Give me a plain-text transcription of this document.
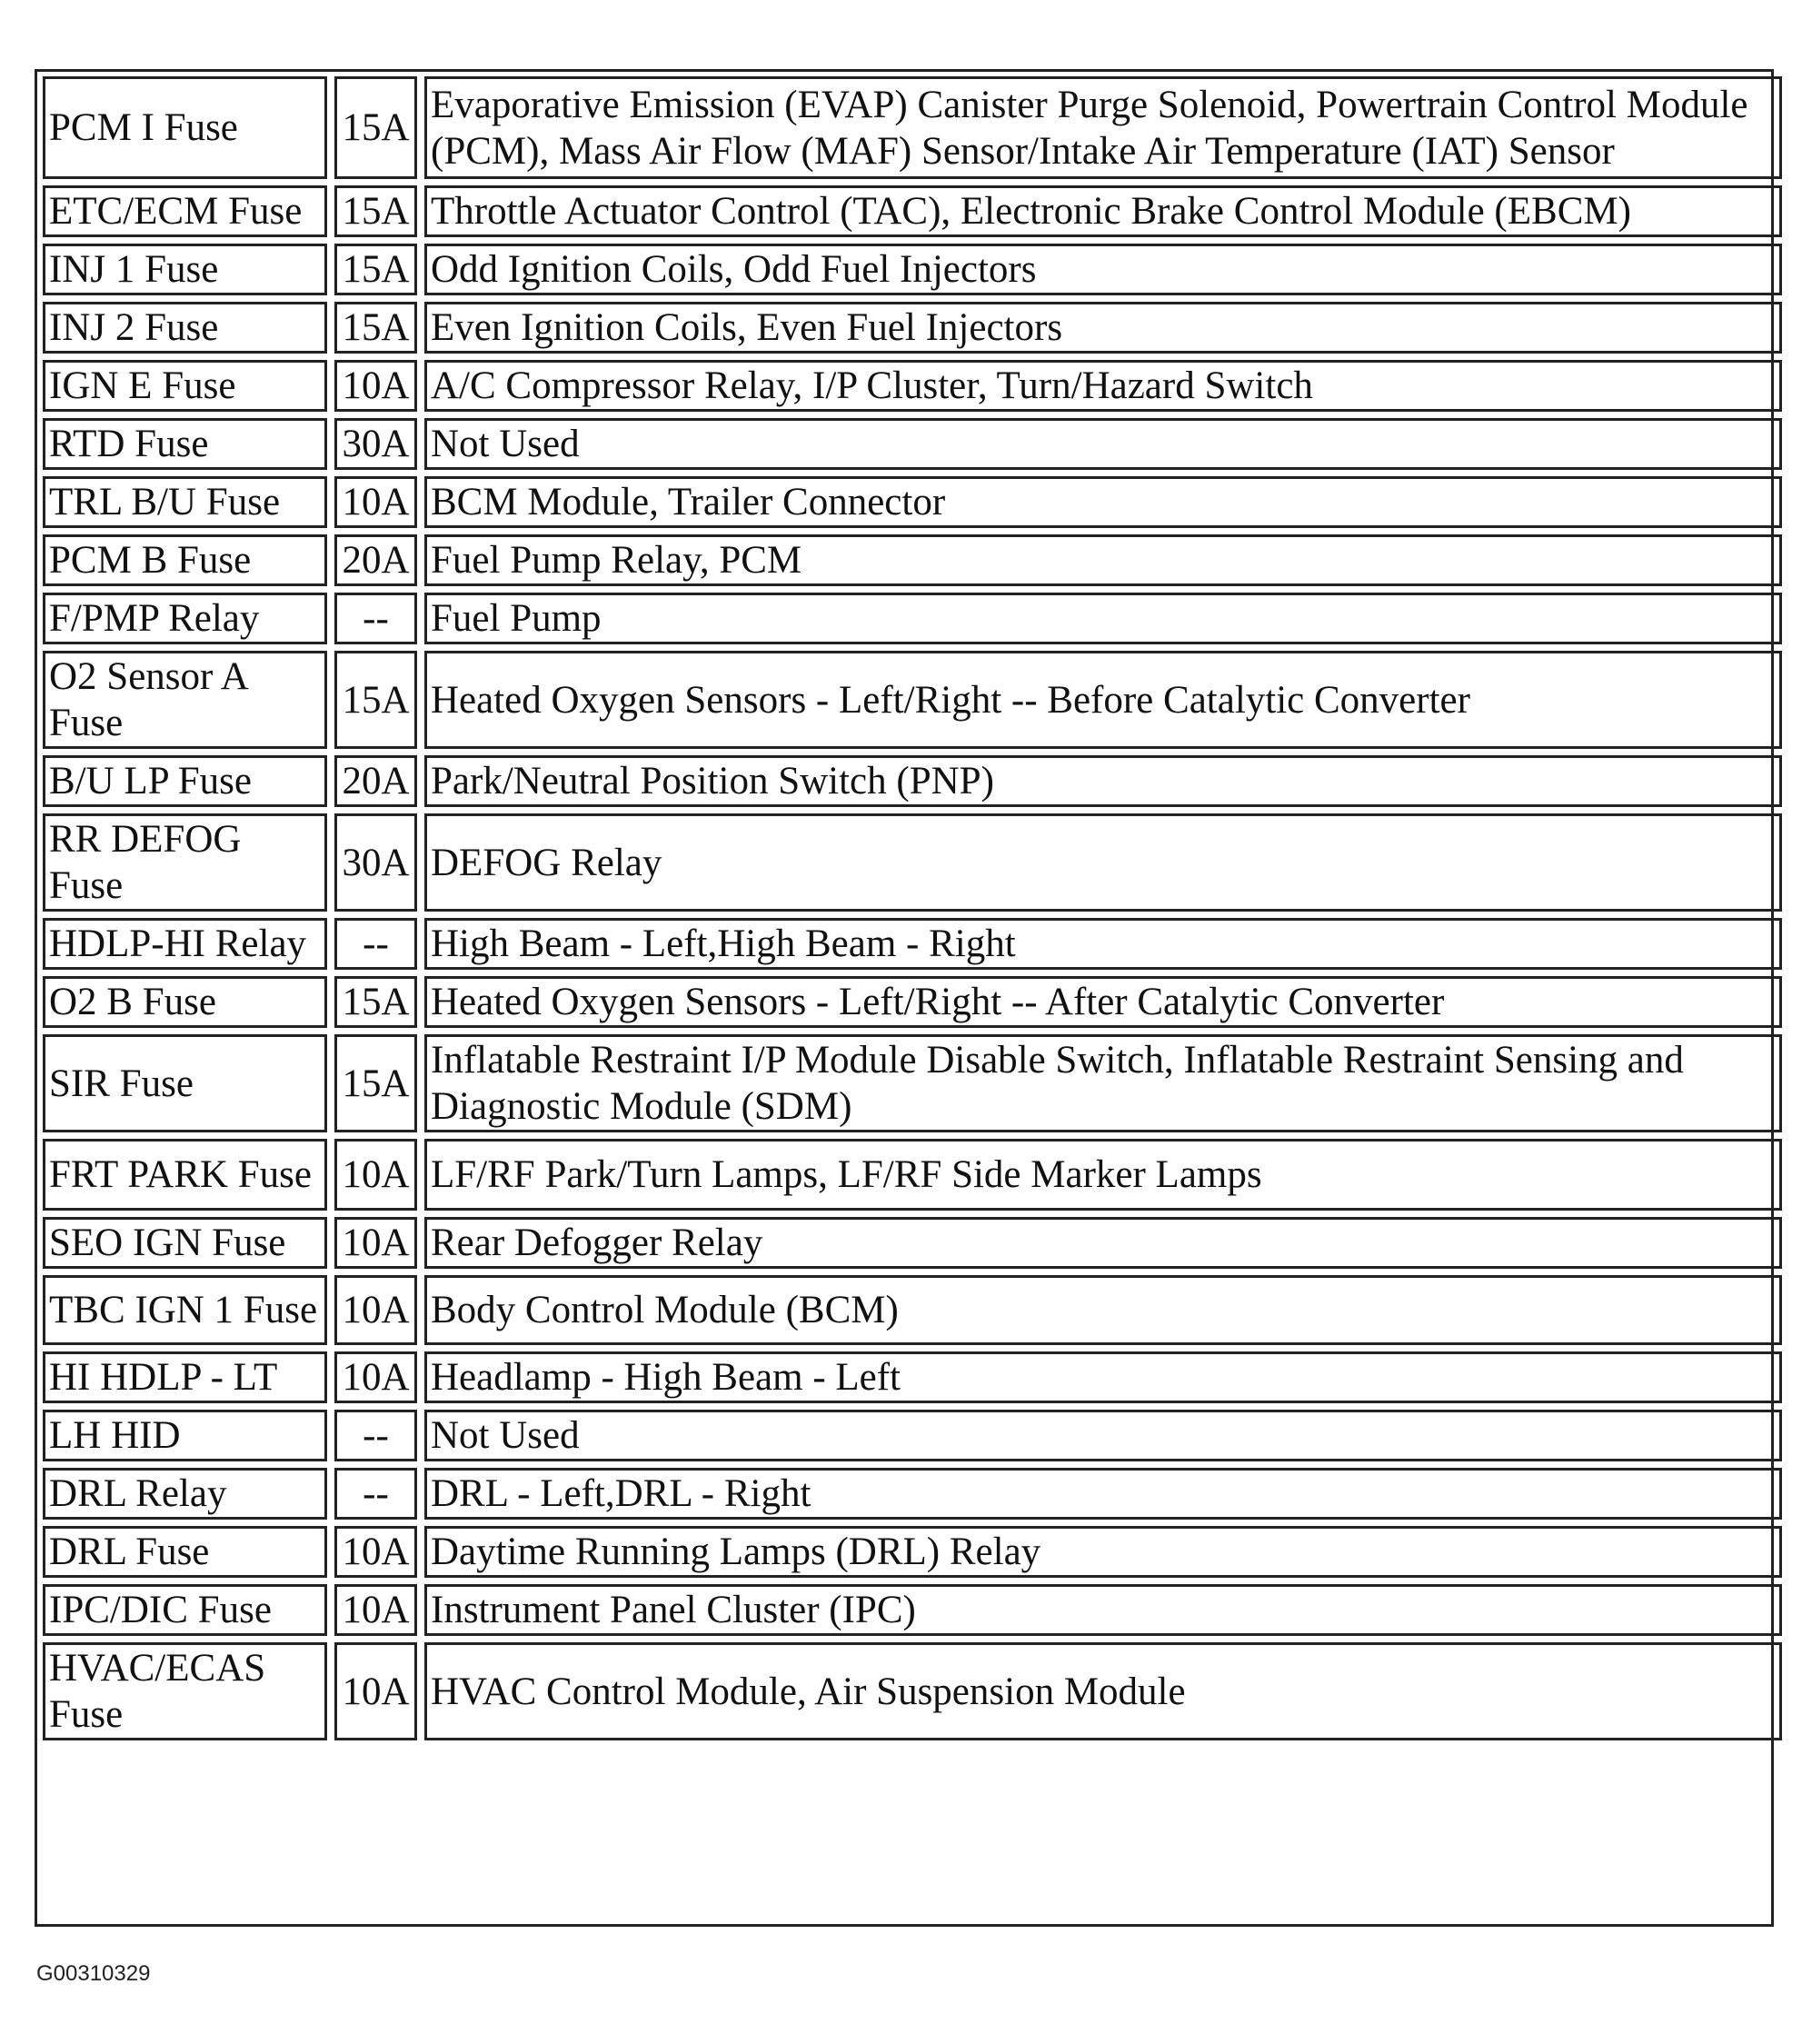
PCM I Fuse	15A	Evaporative Emission (EVAP) Canister Purge Solenoid, Powertrain Control Module (PCM), Mass Air Flow (MAF) Sensor/Intake Air Temperature (IAT) Sensor
ETC/ECM Fuse	15A	Throttle Actuator Control (TAC), Electronic Brake Control Module (EBCM)
INJ 1 Fuse	15A	Odd Ignition Coils, Odd Fuel Injectors
INJ 2 Fuse	15A	Even Ignition Coils, Even Fuel Injectors
IGN E Fuse	10A	A/C Compressor Relay, I/P Cluster, Turn/Hazard Switch
RTD Fuse	30A	Not Used
TRL B/U Fuse	10A	BCM Module, Trailer Connector
PCM B Fuse	20A	Fuel Pump Relay, PCM
F/PMP Relay	--	Fuel Pump
O2 Sensor A Fuse	15A	Heated Oxygen Sensors - Left/Right -- Before Catalytic Converter
B/U LP Fuse	20A	Park/Neutral Position Switch (PNP)
RR DEFOG Fuse	30A	DEFOG Relay
HDLP-HI Relay	--	High Beam - Left,High Beam - Right
O2 B Fuse	15A	Heated Oxygen Sensors - Left/Right -- After Catalytic Converter
SIR Fuse	15A	Inflatable Restraint I/P Module Disable Switch, Inflatable Restraint Sensing and Diagnostic Module (SDM)
FRT PARK Fuse	10A	LF/RF Park/Turn Lamps, LF/RF Side Marker Lamps
SEO IGN Fuse	10A	Rear Defogger Relay
TBC IGN 1 Fuse	10A	Body Control Module (BCM)
HI HDLP - LT	10A	Headlamp - High Beam - Left
LH HID	--	Not Used
DRL Relay	--	DRL - Left,DRL - Right
DRL Fuse	10A	Daytime Running Lamps (DRL) Relay
IPC/DIC Fuse	10A	Instrument Panel Cluster (IPC)
HVAC/ECAS Fuse	10A	HVAC Control Module, Air Suspension Module
G00310329
